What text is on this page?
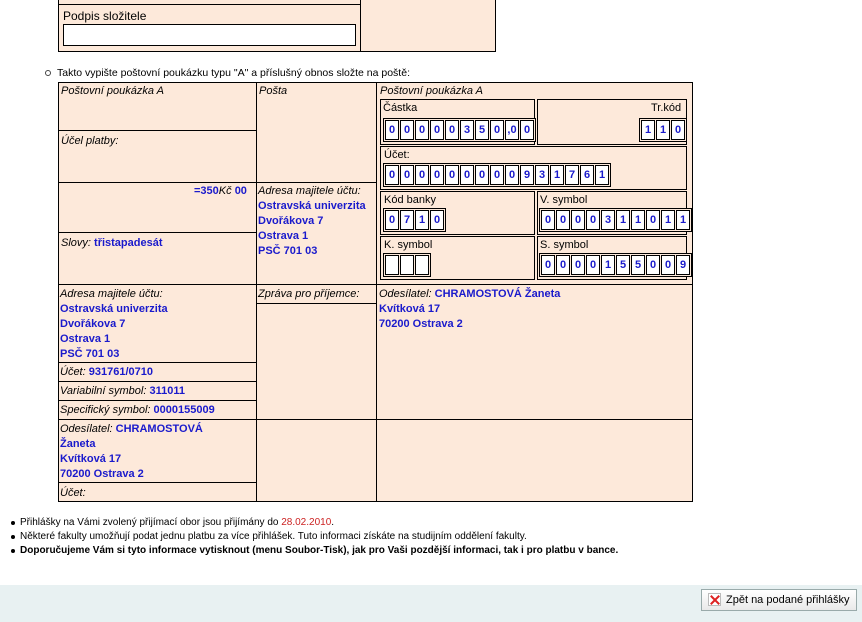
Podpis složitele
Takto vypište poštovní poukázku typu "A" a příslušný obnos složte na poště:
Poštovní poukázka A
Účel platby:
=350Kč 00
Slovy: třistapadesát
Adresa majitele účtu:
Ostravská univerzita
Dvořákova 7
Ostrava 1
PSČ 701 03
Účet: 931761/0710
Variabilní symbol: 311011
Specifický symbol: 0000155009
Odesílatel: CHRAMOSTOVÁ
Žaneta
Kvítková 17
70200 Ostrava 2
Účet:
Pošta
Adresa majitele účtu:
Ostravská univerzita
Dvořákova 7
Ostrava 1
PSČ 701 03
Zpráva pro příjemce:
Poštovní poukázka A
Částka
0 0 0 0 0 3 5 0 ,0 0
Tr.kód
1 1 0
Účet:
0 0 0 0 0 0 0 0 0 9 3 1 7 6 1
Kód banky
0 7 1 0
V. symbol
0 0 0 0 3 1 1 0 1 1
K. symbol	S. symbol
0 0 0 0 1 5 5 0 0 9
Odesílatel: CHRAMOSTOVÁ Žaneta
Kvítková 17
70200 Ostrava 2
Přihlášky na Vámi zvolený přijímací obor jsou přijímány do 28.02.2010.
Některé fakulty umožňují podat jednu platbu za více přihlášek. Tuto informaci získáte na studijním oddělení fakulty.
Doporučujeme Vám si tyto informace vytisknout (menu Soubor-Tisk), jak pro Vaši pozdější informaci, tak i pro platbu v bance.
Zpět na podané přihlášky
